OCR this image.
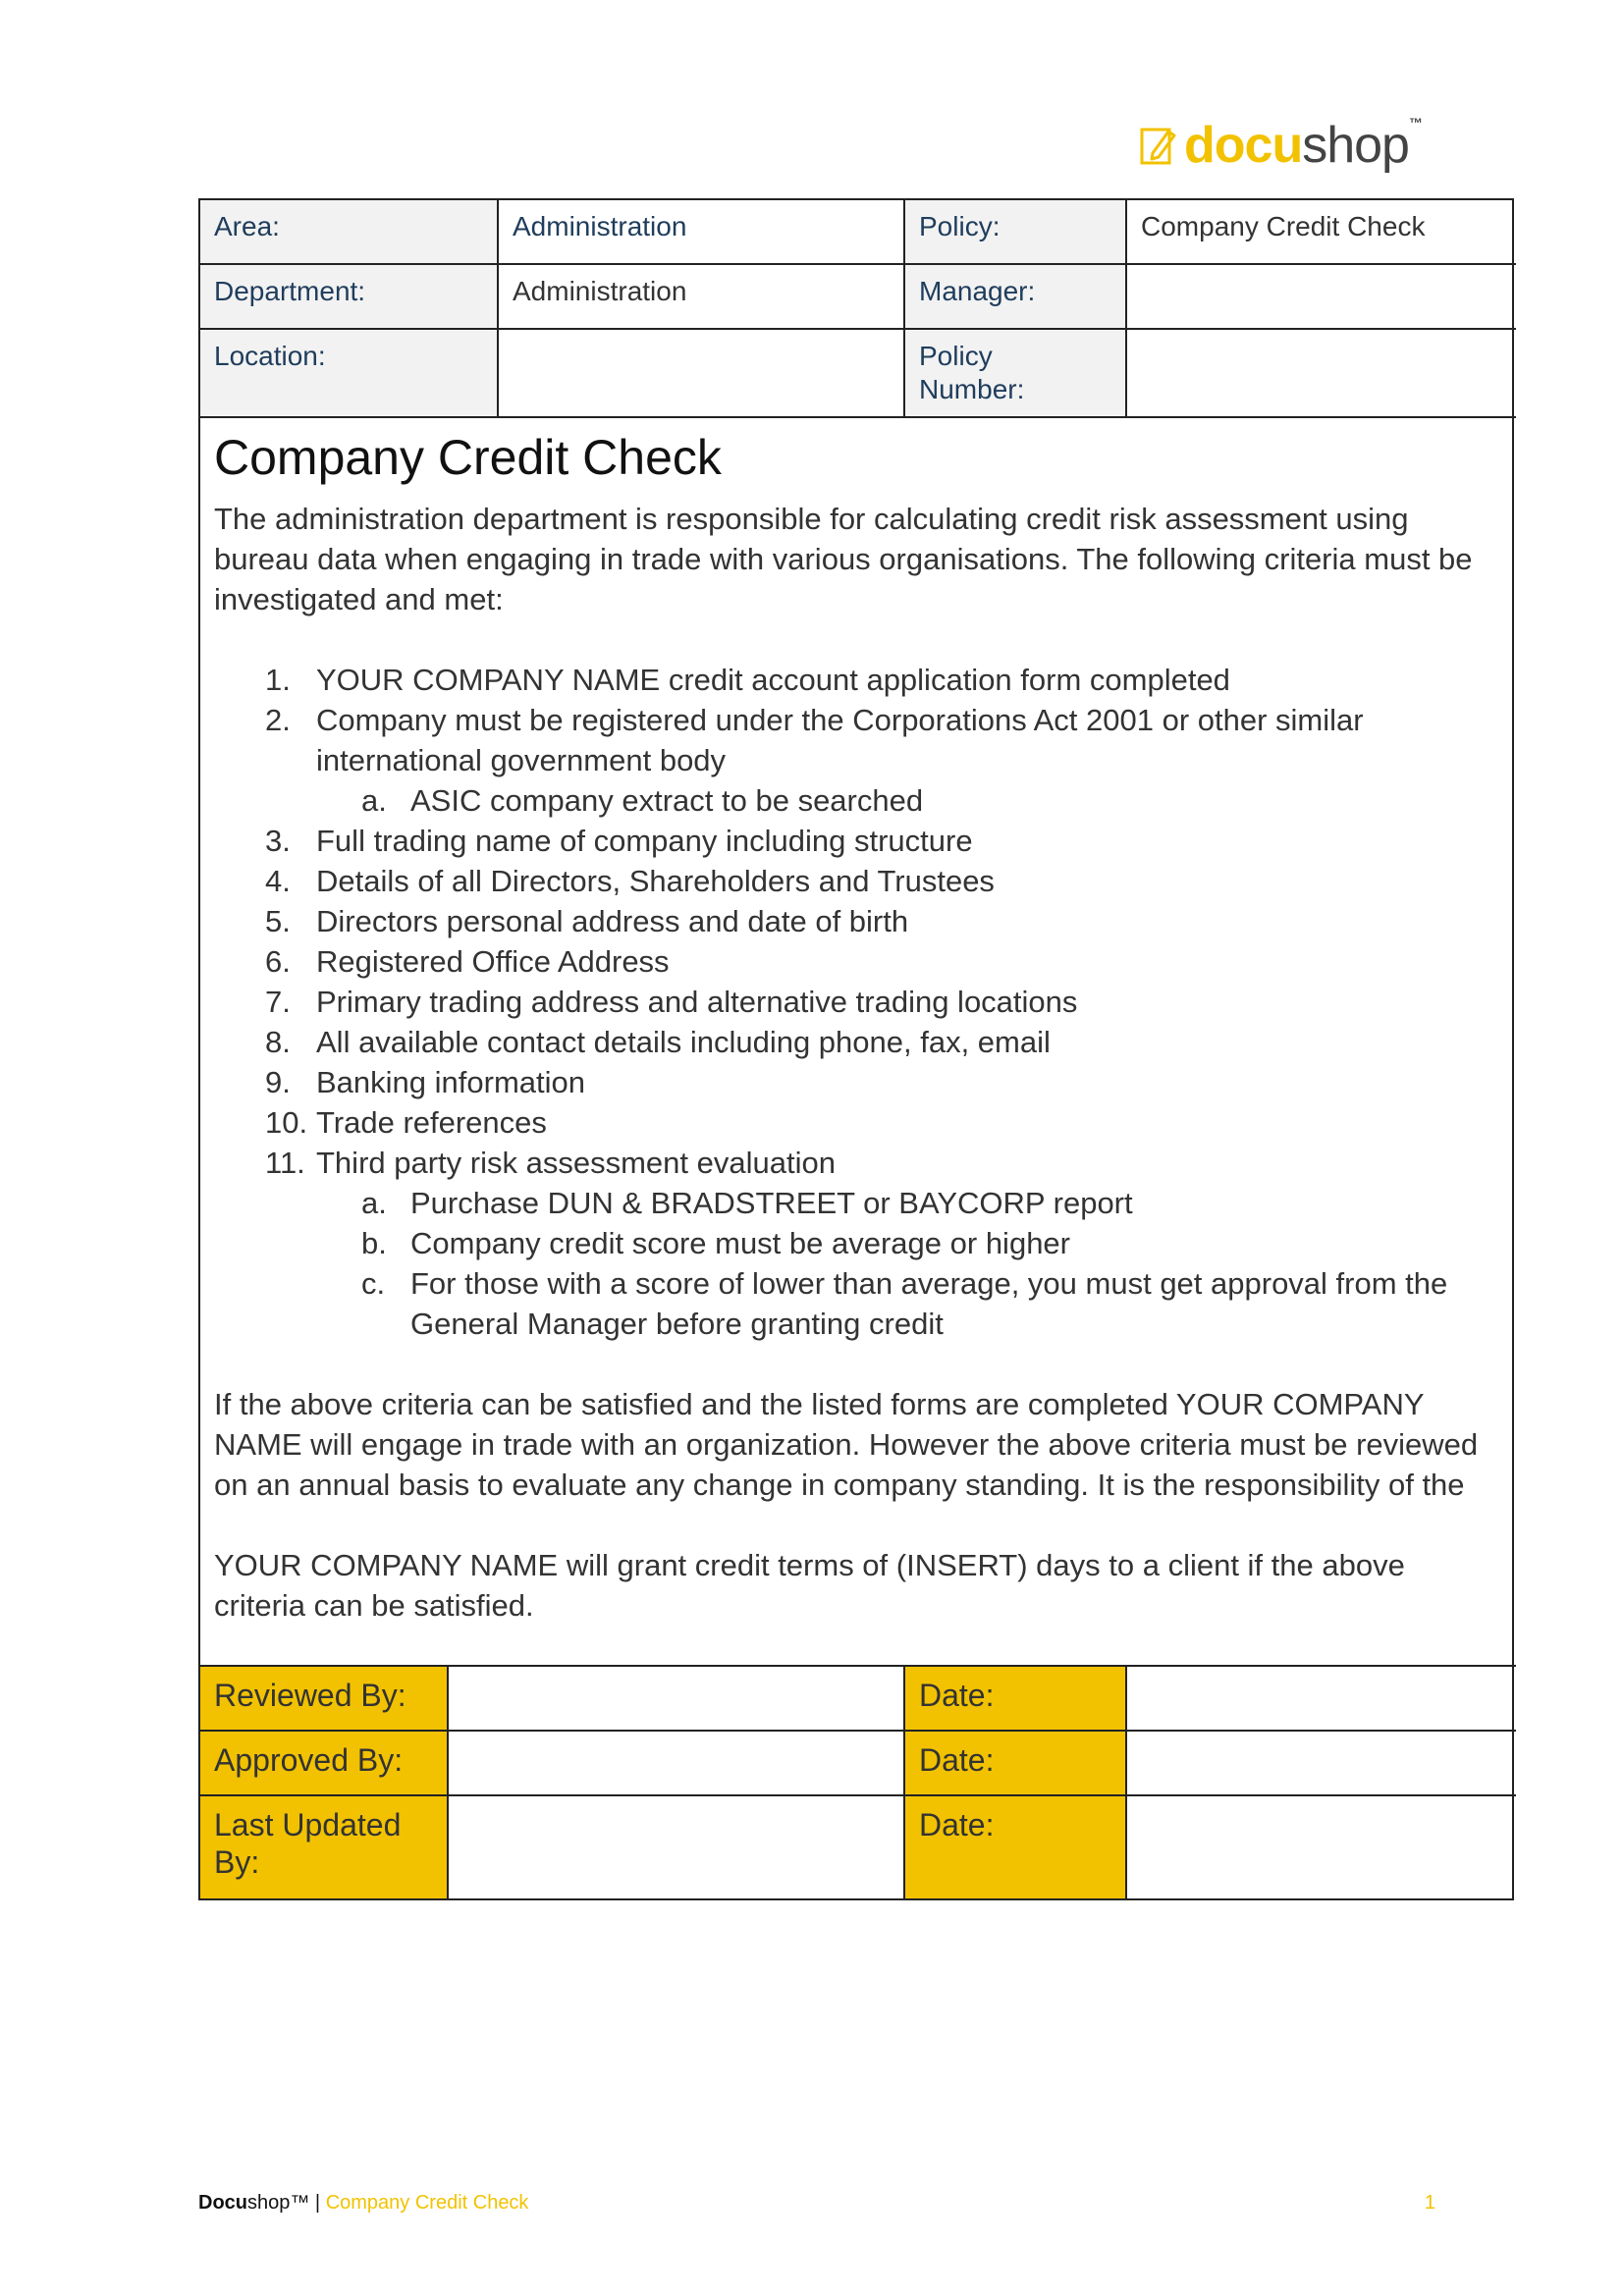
docushop™
Area:	Administration	Policy:	Company Credit Check
Department:	Administration	Manager:	
Location:		Policy Number:	
Company Credit Check

The administration department is responsible for calculating credit risk assessment using bureau data when engaging in trade with various organisations. The following criteria must be investigated and met:

1. YOUR COMPANY NAME credit account application form completed
2. Company must be registered under the Corporations Act 2001 or other similar international government body
a. ASIC company extract to be searched
3. Full trading name of company including structure
4. Details of all Directors, Shareholders and Trustees
5. Directors personal address and date of birth
6. Registered Office Address
7. Primary trading address and alternative trading locations
8. All available contact details including phone, fax, email
9. Banking information
10. Trade references
11. Third party risk assessment evaluation
a. Purchase DUN & BRADSTREET or BAYCORP report
b. Company credit score must be average or higher
c. For those with a score of lower than average, you must get approval from the General Manager before granting credit

If the above criteria can be satisfied and the listed forms are completed YOUR COMPANY NAME will engage in trade with an organization. However the above criteria must be reviewed on an annual basis to evaluate any change in company standing. It is the responsibility of the

YOUR COMPANY NAME will grant credit terms of (INSERT) days to a client if the above criteria can be satisfied.

Reviewed By:		Date:	
Approved By:		Date:	
Last Updated By:		Date:	
Docushop™ | Company Credit Check	1
